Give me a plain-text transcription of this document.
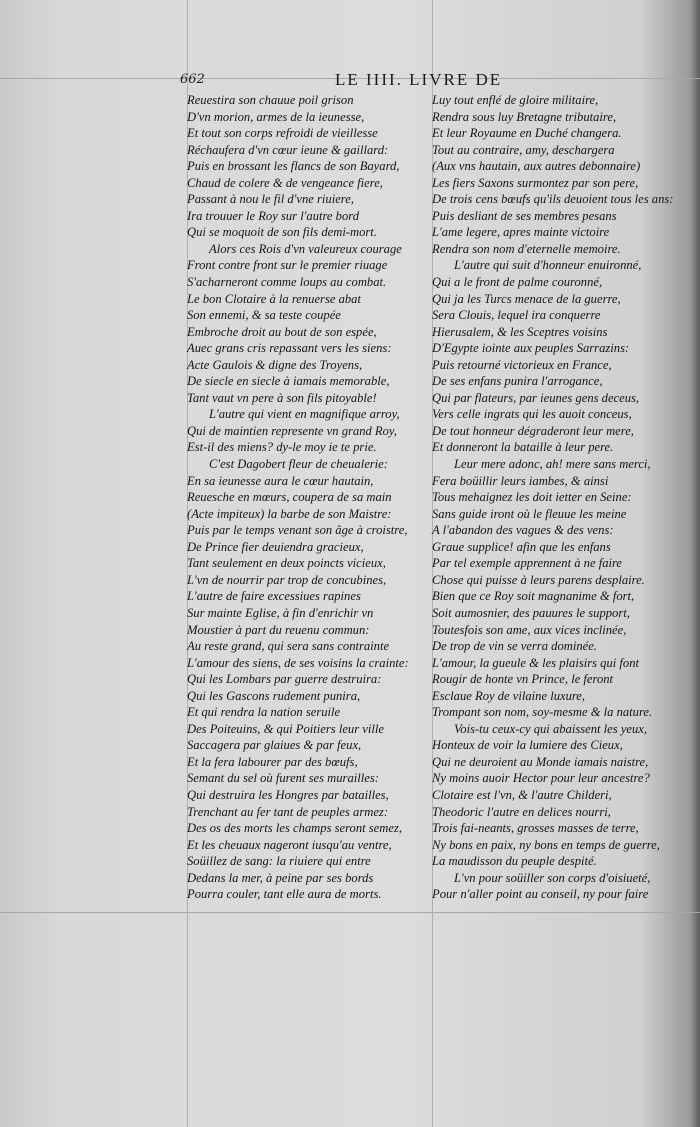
662	LE IIII. LIVRE DE
Reuestira son chauue poil grison
D'vn morion, armes de la ieunesse,
Et tout son corps refroidi de vieillesse
Réchaufera d'vn cœur ieune & gaillard:
Puis en brossant les flancs de son Bayard,
Chaud de colere & de vengeance fiere,
Passant à nou le fil d'vne riuiere,
Ira trouuer le Roy sur l'autre bord
Qui se moquoit de son fils demi-mort.
Alors ces Rois d'vn valeureux courage
Front contre front sur le premier riuage
S'acharneront comme loups au combat.
Le bon Clotaire à la renuerse abat
Son ennemi, & sa teste coupée
Embroche droit au bout de son espée,
Auec grans cris repassant vers les siens:
Acte Gaulois & digne des Troyens,
De siecle en siecle à iamais memorable,
Tant vaut vn pere à son fils pitoyable!
L'autre qui vient en magnifique arroy,
Qui de maintien represente vn grand Roy,
Est-il des miens? dy-le moy ie te prie.
C'est Dagobert fleur de cheualerie:
En sa ieunesse aura le cœur hautain,
Reuesche en mœurs, coupera de sa main
(Acte impiteux) la barbe de son Maistre:
Puis par le temps venant son âge à croistre,
De Prince fier deuiendra gracieux,
Tant seulement en deux poincts vicieux,
L'vn de nourrir par trop de concubines,
L'autre de faire excessiues rapines
Sur mainte Eglise, à fin d'enrichir vn
Moustier à part du reuenu commun:
Au reste grand, qui sera sans contrainte
L'amour des siens, de ses voisins la crainte:
Qui les Lombars par guerre destruira:
Qui les Gascons rudement punira,
Et qui rendra la nation seruile
Des Poiteuins, & qui Poitiers leur ville
Saccagera par glaiues & par feux,
Et la fera labourer par des bœufs,
Semant du sel où furent ses murailles:
Qui destruira les Hongres par batailles,
Trenchant au fer tant de peuples armez:
Des os des morts les champs seront semez,
Et les cheuaux nageront iusqu'au ventre,
Soüillez de sang: la riuiere qui entre
Dedans la mer, à peine par ses bords
Pourra couler, tant elle aura de morts.
Luy tout enflé de gloire militaire,
Rendra sous luy Bretagne tributaire,
Et leur Royaume en Duché changera.
Tout au contraire, amy, deschargera
(Aux vns hautain, aux autres debonnaire)
Les fiers Saxons surmontez par son pere,
De trois cens bœufs qu'ils deuoient tous les ans:
Puis desliant de ses membres pesans
L'ame legere, apres mainte victoire
Rendra son nom d'eternelle memoire.
L'autre qui suit d'honneur enuironné,
Qui a le front de palme couronné,
Qui ja les Turcs menace de la guerre,
Sera Clouis, lequel ira conquerre
Hierusalem, & les Sceptres voisins
D'Egypte iointe aux peuples Sarrazins:
Puis retourné victorieux en France,
De ses enfans punira l'arrogance,
Qui par flateurs, par ieunes gens deceus,
Vers celle ingrats qui les auoit conceus,
De tout honneur dégraderont leur mere,
Et donneront la bataille à leur pere.
Leur mere adonc, ah! mere sans merci,
Fera boüillir leurs iambes, & ainsi
Tous mehaignez les doit ietter en Seine:
Sans guide iront où le fleuue les meine
A l'abandon des vagues & des vens:
Graue supplice! afin que les enfans
Par tel exemple apprennent à ne faire
Chose qui puisse à leurs parens desplaire.
Bien que ce Roy soit magnanime & fort,
Soit aumosnier, des pauures le support,
Toutesfois son ame, aux vices inclinée,
De trop de vin se verra dominée.
L'amour, la gueule & les plaisirs qui font
Rougir de honte vn Prince, le feront
Esclaue Roy de vilaine luxure,
Trompant son nom, soy-mesme & la nature.
Vois-tu ceux-cy qui abaissent les yeux,
Honteux de voir la lumiere des Cieux,
Qui ne deuroient au Monde iamais naistre,
Ny moins auoir Hector pour leur ancestre?
Clotaire est l'vn, & l'autre Childeri,
Theodoric l'autre en delices nourri,
Trois fai-neants, grosses masses de terre,
Ny bons en paix, ny bons en temps de guerre,
La maudisson du peuple despité.
L'vn pour soüiller son corps d'oisiueté,
Pour n'aller point au conseil, ny pour faire
